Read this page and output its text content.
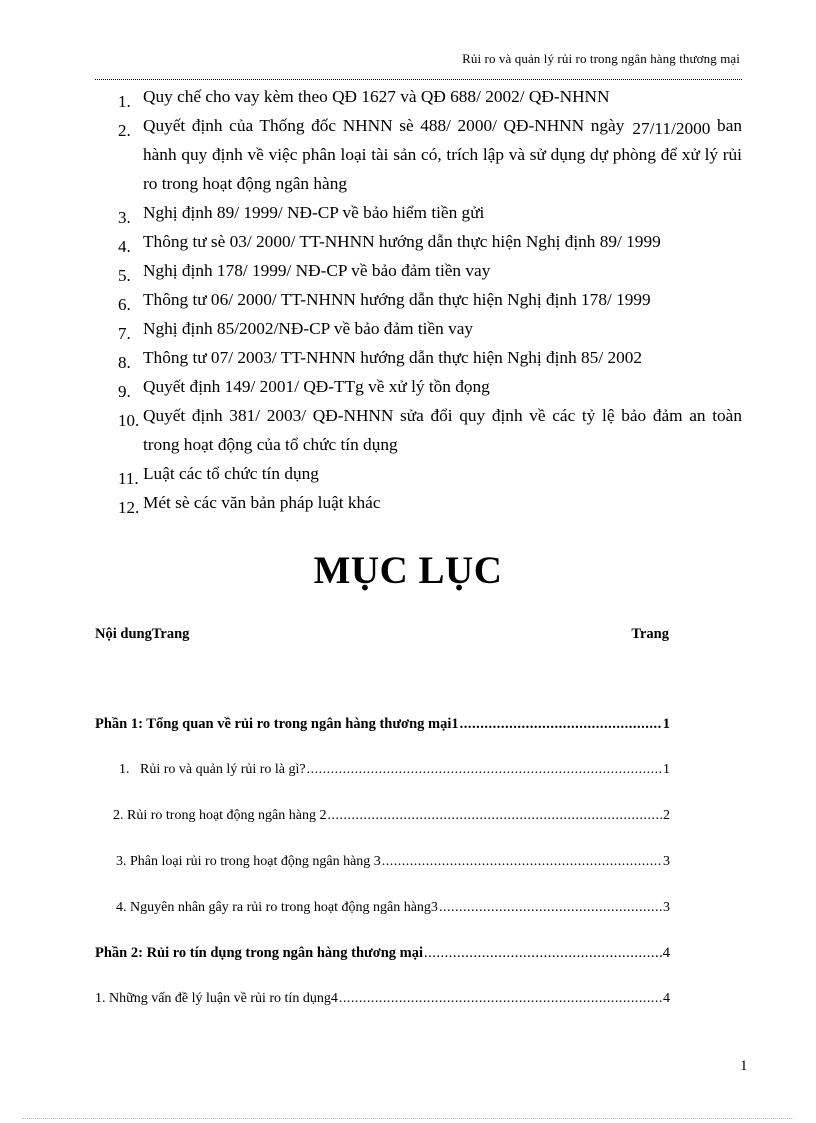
Rủi ro và quản lý rủi ro trong ngân hàng thương mại
1. Quy chế cho vay kèm theo QĐ 1627 và QĐ 688/ 2002/ QĐ-NHNN
2. Quyết định của Thống đốc NHNN sè 488/ 2000/ QĐ-NHNN ngày 27/11/2000 ban hành quy định về việc phân loại tài sản có, trích lập và sử dụng dự phòng để xử lý rủi ro trong hoạt động ngân hàng
3. Nghị định 89/ 1999/ NĐ-CP về bảo hiểm tiền gửi
4. Thông tư sè 03/ 2000/ TT-NHNN hướng dẫn thực hiện Nghị định 89/ 1999
5. Nghị định 178/ 1999/ NĐ-CP về bảo đảm tiền vay
6. Thông tư 06/ 2000/ TT-NHNN hướng dẫn thực hiện Nghị định 178/ 1999
7. Nghị định 85/2002/NĐ-CP về bảo đảm tiền vay
8. Thông tư 07/ 2003/ TT-NHNN hướng dẫn thực hiện Nghị định 85/ 2002
9. Quyết định 149/ 2001/ QĐ-TTg về xử lý tồn đọng
10. Quyết định 381/ 2003/ QĐ-NHNN sửa đổi quy định về các tỷ lệ bảo đảm an toàn trong hoạt động của tổ chức tín dụng
11. Luật các tổ chức tín dụng
12. Mét sè các văn bản pháp luật khác
MỤC LỤC
Nội dungTrang	Trang
Phần 1: Tổng quan về rủi ro trong ngân hàng thương mại1 .....	1
1.   Rủi ro và quản lý rủi ro là gì? .....	1
2. Rủi ro trong hoạt động ngân hàng 2 .....	2
3. Phân loại rủi ro trong hoạt động ngân hàng 3 .....	3
4. Nguyên nhân gây ra rủi ro trong hoạt động ngân hàng3 .....	3
Phần 2: Rủi ro tín dụng trong ngân hàng thương mại .....	4
1. Những vấn đề lý luận về rủi ro tín dụng4 .....	4
1
